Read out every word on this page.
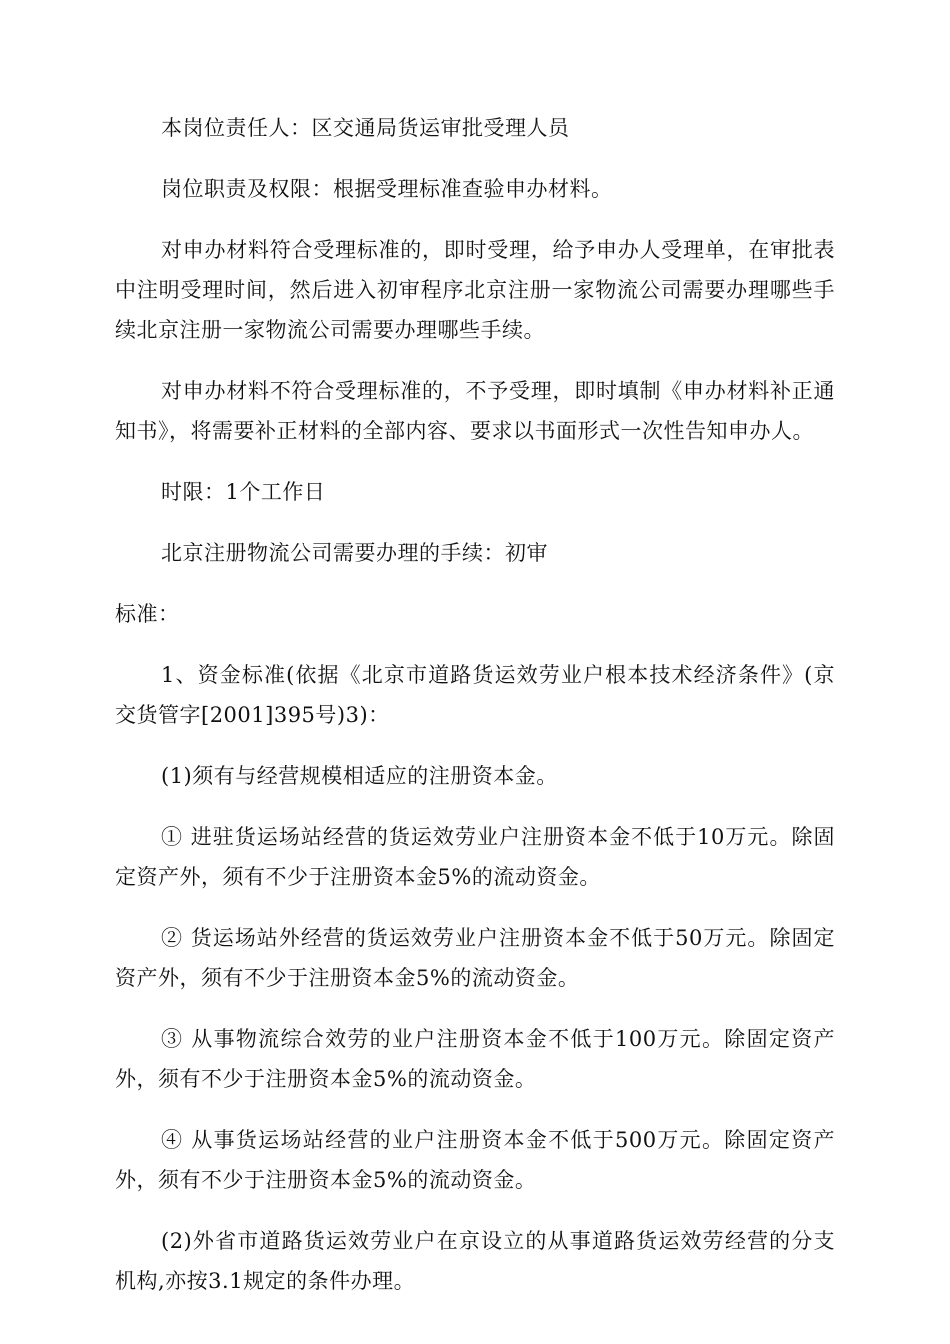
本岗位责任人：区交通局货运审批受理人员

岗位职责及权限：根据受理标准查验申办材料。

对申办材料符合受理标准的，即时受理，给予申办人受理单，在审批表中注明受理时间，然后进入初审程序北京注册一家物流公司需要办理哪些手续北京注册一家物流公司需要办理哪些手续。

对申办材料不符合受理标准的，不予受理，即时填制《申办材料补正通知书》，将需要补正材料的全部内容、要求以书面形式一次性告知申办人。

时限：1个工作日

北京注册物流公司需要办理的手续：初审

标准：

1、资金标准(依据《北京市道路货运效劳业户根本技术经济条件》(京交货管字[2001]395号)3)：

(1)须有与经营规模相适应的注册资本金。

① 进驻货运场站经营的货运效劳业户注册资本金不低于10万元。除固定资产外，须有不少于注册资本金5%的流动资金。

② 货运场站外经营的货运效劳业户注册资本金不低于50万元。除固定资产外，须有不少于注册资本金5%的流动资金。

③ 从事物流综合效劳的业户注册资本金不低于100万元。除固定资产外，须有不少于注册资本金5%的流动资金。

④ 从事货运场站经营的业户注册资本金不低于500万元。除固定资产外，须有不少于注册资本金5%的流动资金。

(2)外省市道路货运效劳业户在京设立的从事道路货运效劳经营的分支机构,亦按3.1规定的条件办理。
